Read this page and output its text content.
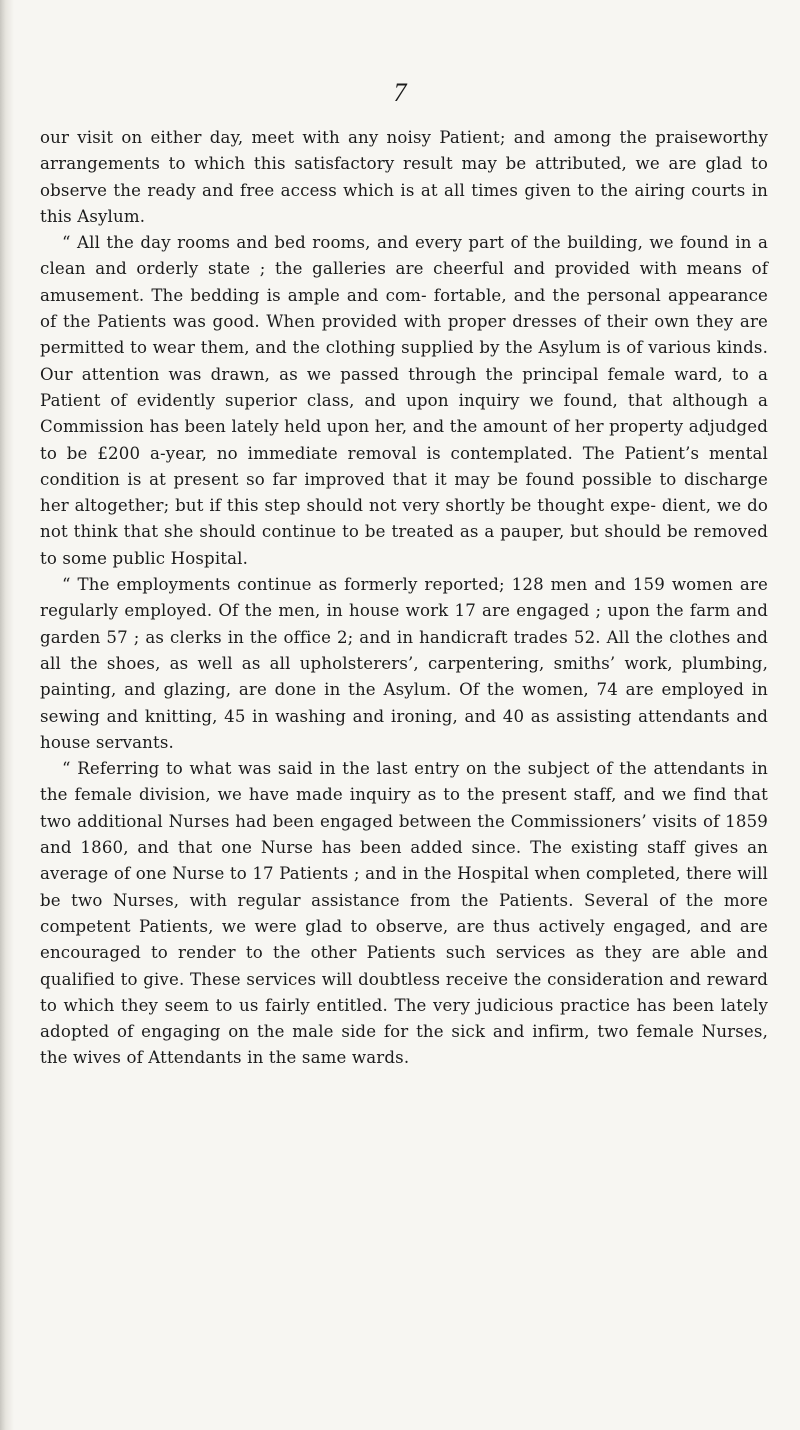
7

our visit on either day, meet with any noisy Patient; and among the praiseworthy arrangements to which this satisfactory result may be attributed, we are glad to observe the ready and free access which is at all times given to the airing courts in this Asylum.

“ All the day rooms and bed rooms, and every part of the building, we found in a clean and orderly state ; the galleries are cheerful and provided with means of amusement. The bedding is ample and com- fortable, and the personal appearance of the Patients was good. When provided with proper dresses of their own they are permitted to wear them, and the clothing supplied by the Asylum is of various kinds. Our attention was drawn, as we passed through the principal female ward, to a Patient of evidently superior class, and upon inquiry we found, that although a Commission has been lately held upon her, and the amount of her property adjudged to be £200 a-year, no immediate removal is contemplated. The Patient’s mental condition is at present so far improved that it may be found possible to discharge her altogether; but if this step should not very shortly be thought expe- dient, we do not think that she should continue to be treated as a pauper, but should be removed to some public Hospital.

“ The employments continue as formerly reported; 128 men and 159 women are regularly employed. Of the men, in house work 17 are engaged ; upon the farm and garden 57 ; as clerks in the office 2; and in handicraft trades 52. All the clothes and all the shoes, as well as all upholsterers’, carpentering, smiths’ work, plumbing, painting, and glazing, are done in the Asylum. Of the women, 74 are employed in sewing and knitting, 45 in washing and ironing, and 40 as assisting attendants and house servants.

“ Referring to what was said in the last entry on the subject of the attendants in the female division, we have made inquiry as to the present staff, and we find that two additional Nurses had been engaged between the Commissioners’ visits of 1859 and 1860, and that one Nurse has been added since. The existing staff gives an average of one Nurse to 17 Patients ; and in the Hospital when completed, there will be two Nurses, with regular assistance from the Patients. Several of the more competent Patients, we were glad to observe, are thus actively engaged, and are encouraged to render to the other Patients such services as they are able and qualified to give. These services will doubtless receive the consideration and reward to which they seem to us fairly entitled. The very judicious practice has been lately adopted of engaging on the male side for the sick and infirm, two female Nurses, the wives of Attendants in the same wards.
